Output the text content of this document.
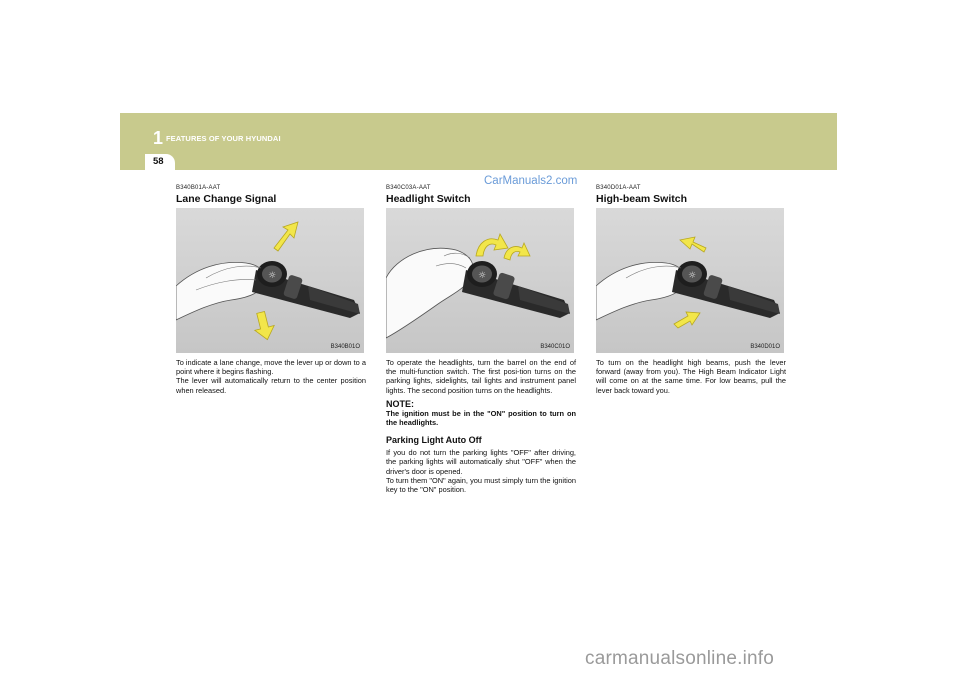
1 FEATURES OF YOUR HYUNDAI
58
CarManuals2.com
B340B01A-AAT
Lane Change Signal
☼
B340B01O

To indicate a lane change, move the lever up or down to a point where it begins flashing.

The lever will automatically return to the center position when released.

B340C03A-AAT
Headlight Switch
☼
B340C01O

To operate the headlights, turn the barrel on the end of the multi-function switch. The first posi-tion turns on the parking lights, sidelights, tail lights and instrument panel lights. The second position turns on the headlights.

NOTE:
The ignition must be in the "ON" position to turn on the headlights.
Parking Light Auto Off

If you do not turn the parking lights "OFF" after driving, the parking lights will automatically shut "OFF" when the driver's door is opened.

To turn them "ON" again, you must simply turn the ignition key to the "ON" position.

B340D01A-AAT
High-beam Switch
☼
B340D01O

To turn on the headlight high beams, push the lever forward (away from you). The High Beam Indicator Light will come on at the same time. For low beams, pull the lever back toward you.

carmanualsonline.info
